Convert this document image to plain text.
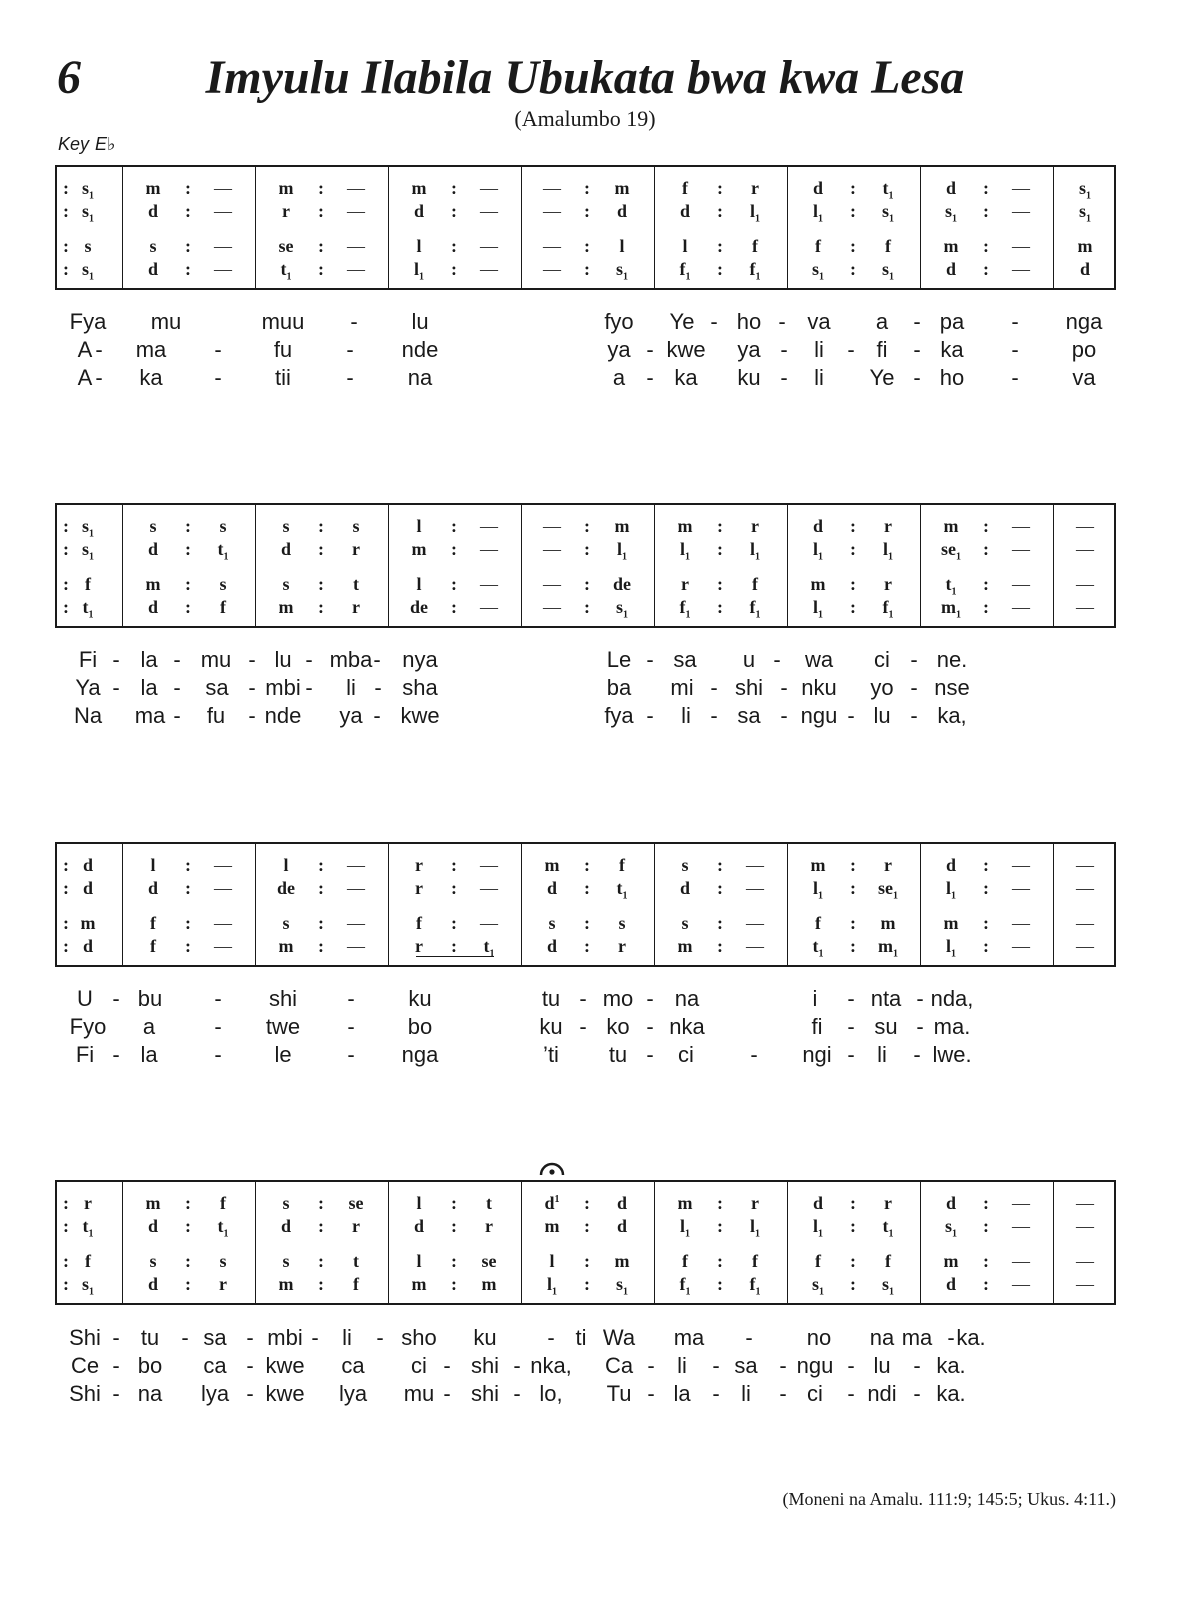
6	Imyulu Ilabila Ubukata bwa kwa Lesa
(Amalumbo 19)
Key E♭
: $s_1$	m	:	—	m	:	—	m	:	—	—	:	m	f	:	r	d	:	$t_1$	d	:	—	$s_1$
: $s_1$	d	:	—	r	:	—	d	:	—	—	:	d	d	:	$l_1$	$l_1$	:	$s_1$	$s_1$	:	—	$s_1$
: s	s	:	—	se	:	—	l	:	—	—	:	l	l	:	f	f	:	f	m	:	—	m
: $s_1$	d	:	—	$t_1$	:	—	$l_1$	:	—	—	:	$s_1$	$f_1$	:	$f_1$	$s_1$	:	$s_1$	d	:	—	d
Fya mu	muu - lu	fyo Ye - ho - va a - pa - nga
A - ma - fu - nde	ya - kwe ya - li - fi - ka - po
A - ka - tii	- na	a - ka ku - li Ye - ho - va
: $s_1$	s	:	s	s	:	s	l	:	—	—	:	m	m	:	r	d	:	r	m	:	—	—
: $s_1$	d	:	$t_1$	d	:	r	m	:	—	—	:	$l_1$	$l_1$	:	$l_1$	$l_1$	:	$l_1$	$se_1$	:	—	—
: f	m	:	s	s	:	t	l	:	—	—	:	de	r	:	f	m	:	r	$t_1$	:	—	—
: $t_1$	d	:	f	m	:	r	de	:	—	—	:	$s_1$	$f_1$	:	$f_1$	$l_1$	:	$f_1$	$m_1$	:	—	—
Fi - la - mu - lu - mba - nya	Le - sa u - wa ci - ne.
Ya - la - sa - mbi - li - sha	ba mi - shi - nku yo - nse
Na ma - fu - nde ya - kwe	fya - li - sa - ngu - lu - ka,
: d	l	:	—	l	:	—	r	:	—	m	:	f	s	:	—	m	:	r	d	:	—	—
: d	d	:	—	de	:	—	r	:	—	d	:	$t_1$	d	:	—	$l_1$	:	$se_1$	$l_1$	:	—	—
: m	f	:	—	s	:	—	f	:	—	s	:	s	s	:	—	f	:	m	m	:	—	—
: d	f	:	—	m	:	—	r	:	$t_1$	d	:	r	m	:	—	$t_1$	:	$m_1$	$l_1$	:	—	—
U - bu - shi - ku	tu - mo - na	i - nta - nda,
Fyo a	- twe - bo	ku - ko - nka	fi - su - ma.
Fi - la	- le	- nga	’ti tu - ci	- ngi - li - lwe.
: r	m	:	f	s	:	se	l	:	t	$d^1$	:	d	m	:	r	d	:	r	d	:	—	—
: $t_1$	d	:	$t_1$	d	:	r	d	:	r	m	:	d	$l_1$	:	$l_1$	$l_1$	:	$t_1$	$s_1$	:	—	—
: f	s	:	s	s	:	t	l	:	se	l	:	m	f	:	f	f	:	f	m	:	—	—
: $s_1$	d	:	r	m	:	f	m	:	m	$l_1$	:	$s_1$	$f_1$	:	$f_1$	$s_1$	:	$s_1$	d	:	—	—
Shi - tu - sa - mbi - li - sho ku - ti Wa ma - no na ma - ka.
Ce - bo ca - kwe ca ci - shi - nka, Ca - li - sa - ngu - lu - ka.
Shi - na lya - kwe lya mu - shi - lo, Tu - la - li - ci - ndi - ka.
(Moneni na Amalu. 111:9; 145:5; Ukus. 4:11.)
